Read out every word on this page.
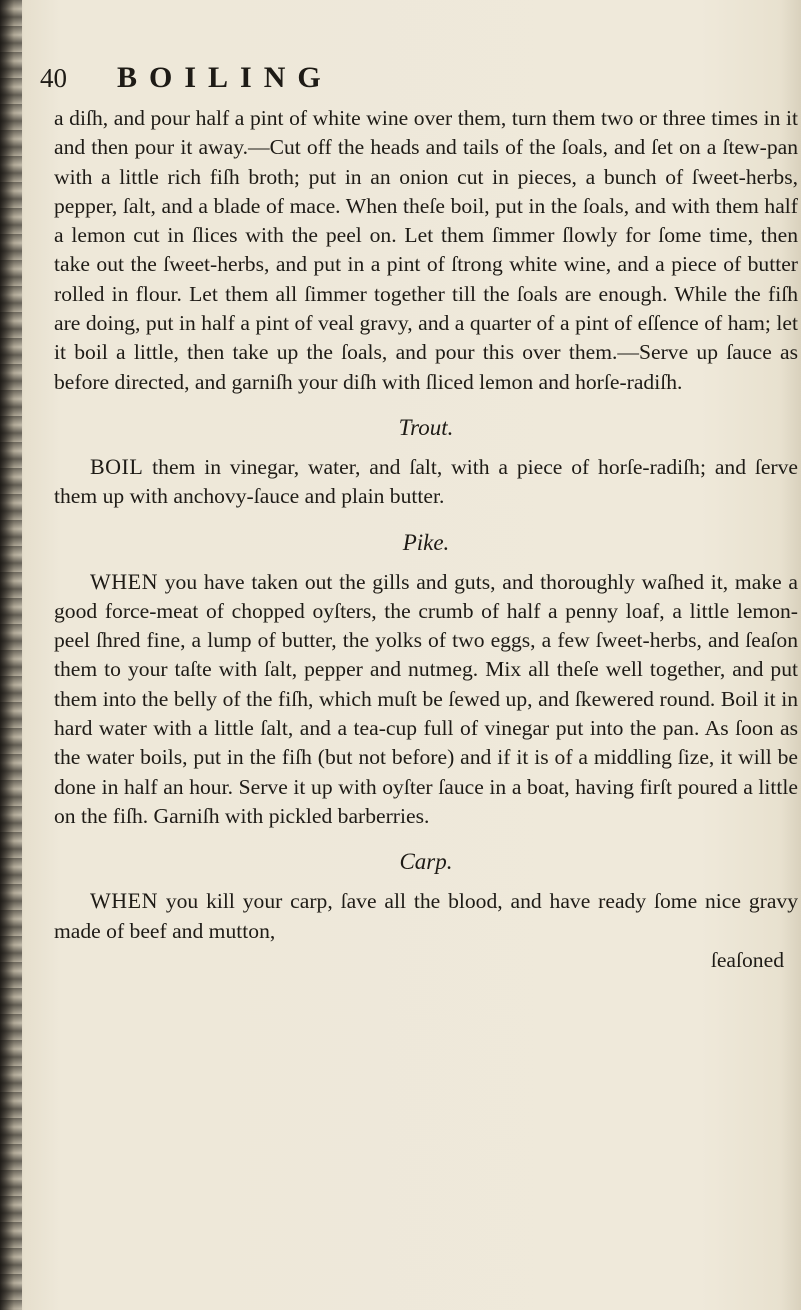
40 BOILING

a diſh, and pour half a pint of white wine over them, turn them two or three times in it and then pour it away.—Cut off the heads and tails of the ſoals, and ſet on a ſtew-pan with a little rich fiſh broth; put in an onion cut in pieces, a bunch of ſweet-herbs, pepper, ſalt, and a blade of mace. When theſe boil, put in the ſoals, and with them half a lemon cut in ſlices with the peel on. Let them ſimmer ſlowly for ſome time, then take out the ſweet-herbs, and put in a pint of ſtrong white wine, and a piece of butter rolled in flour. Let them all ſimmer together till the ſoals are enough. While the fiſh are doing, put in half a pint of veal gravy, and a quarter of a pint of eſſence of ham; let it boil a little, then take up the ſoals, and pour this over them.—Serve up ſauce as before directed, and garniſh your diſh with ſliced lemon and horſe-radiſh.

Trout.

BOIL them in vinegar, water, and ſalt, with a piece of horſe-radiſh; and ſerve them up with anchovy-ſauce and plain butter.

Pike.

WHEN you have taken out the gills and guts, and thoroughly waſhed it, make a good force-meat of chopped oyſters, the crumb of half a penny loaf, a little lemon-peel ſhred fine, a lump of butter, the yolks of two eggs, a few ſweet-herbs, and ſeaſon them to your taſte with ſalt, pepper and nutmeg. Mix all theſe well together, and put them into the belly of the fiſh, which muſt be ſewed up, and ſkewered round. Boil it in hard water with a little ſalt, and a tea-cup full of vinegar put into the pan. As ſoon as the water boils, put in the fiſh (but not before) and if it is of a middling ſize, it will be done in half an hour. Serve it up with oyſter ſauce in a boat, having firſt poured a little on the fiſh. Garniſh with pickled barberries.

Carp.

WHEN you kill your carp, ſave all the blood, and have ready ſome nice gravy made of beef and mutton,

ſeaſoned
